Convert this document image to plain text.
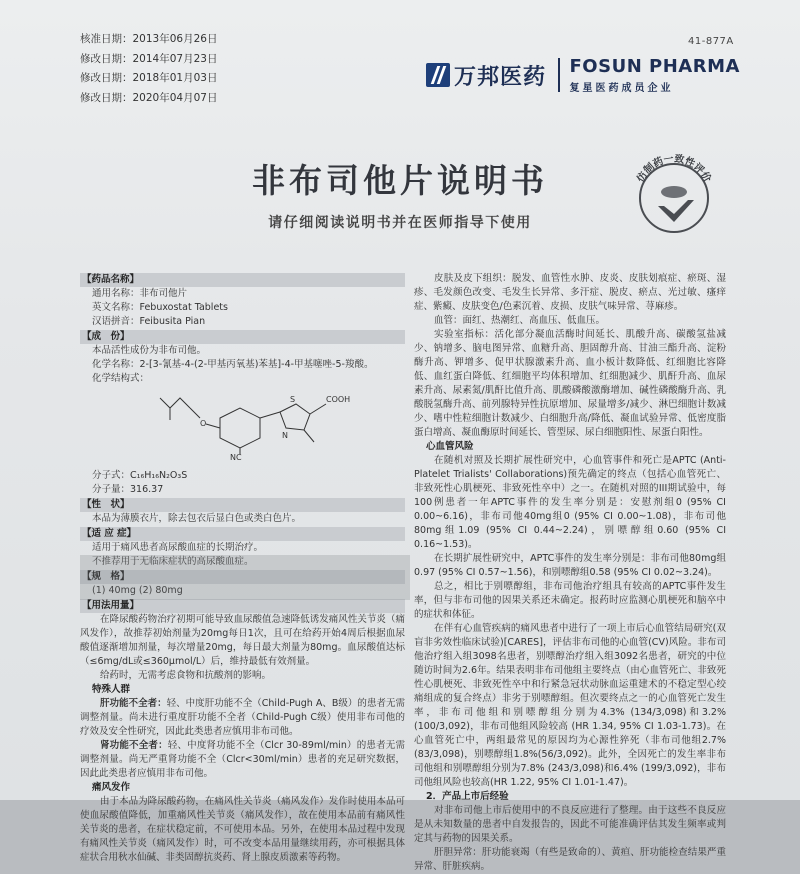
核准日期：2013年06月26日
修改日期：2014年07月23日
修改日期：2018年01月03日
修改日期：2020年04月07日
41-877A
万邦医药 FOSUN PHARMA
复星医药成员企业
非布司他片说明书
请仔细阅读说明书并在医师指导下使用
仿制药一致性评价
【药品名称】
通用名称：非布司他片
英文名称：Febuxostat Tablets
汉语拼音：Feibusita Pian
【成　份】
本品活性成份为非布司他。
化学名称：2-[3-氰基-4-(2-甲基丙氧基)苯基]-4-甲基噻唑-5-羧酸。
化学结构式：
O
NC
S
N
COOH
分子式：C₁₆H₁₆N₂O₃S
分子量：316.37
【性　状】
本品为薄膜衣片，除去包衣后显白色或类白色片。
【适 应 症】
适用于痛风患者高尿酸血症的长期治疗。
不推荐用于无临床症状的高尿酸血症。
【规　格】
(1) 40mg (2) 80mg
【用法用量】
在降尿酸药物治疗初期可能导致血尿酸值急速降低诱发痛风性关节炎（痛风发作），故推荐初始剂量为20mg每日1次，且可在给药开始4周后根据血尿酸值逐渐增加剂量，每次增量20mg，每日最大剂量为80mg。血尿酸值达标（≤6mg/dL或≤360μmol/L）后，维持最低有效剂量。
给药时，无需考虑食物和抗酸剂的影响。
特殊人群
肝功能不全者：轻、中度肝功能不全（Child-Pugh A、B级）的患者无需调整剂量。尚未进行重度肝功能不全者（Child-Pugh C级）使用非布司他的疗效及安全性研究，因此此类患者应慎用非布司他。
肾功能不全者：轻、中度肾功能不全（Clcr 30-89ml/min）的患者无需调整剂量。尚无严重肾功能不全（Clcr<30ml/min）患者的充足研究数据，因此此类患者应慎用非布司他。
痛风发作
由于本品为降尿酸药物，在痛风性关节炎（痛风发作）发作时使用本品可使血尿酸值降低，加重痛风性关节炎（痛风发作），故在使用本品前有痛风性关节炎的患者，在症状稳定前，不可使用本品。另外，在使用本品过程中发现有痛风性关节炎（痛风发作）时，可不改变本品用量继续用药，亦可根据具体症状合用秋水仙碱、非类固醇抗炎药、肾上腺皮质激素等药物。
皮肤及皮下组织：脱发、血管性水肿、皮炎、皮肤划痕症、瘀斑、湿疹、毛发颜色改变、毛发生长异常、多汗症、脱皮、瘀点、光过敏、瘙痒症、紫癜、皮肤变色/色素沉着、皮损、皮肤气味异常、荨麻疹。
血管：面红、热潮红、高血压、低血压。
实验室指标：活化部分凝血活酶时间延长、肌酸升高、碳酸氢盐减少、钠增多、脑电图异常、血糖升高、胆固醇升高、甘油三酯升高、淀粉酶升高、钾增多、促甲状腺激素升高、血小板计数降低、红细胞比容降低、血红蛋白降低、红细胞平均体积增加、红细胞减少、肌酐升高、血尿素升高、尿素氮/肌酐比值升高、肌酸磷酸激酶增加、碱性磷酸酶升高、乳酸脱氢酶升高、前列腺特异性抗原增加、尿量增多/减少、淋巴细胞计数减少、嗜中性粒细胞计数减少、白细胞升高/降低、凝血试验异常、低密度脂蛋白增高、凝血酶原时间延长、管型尿、尿白细胞阳性、尿蛋白阳性。
心血管风险
在随机对照及长期扩展性研究中，心血管事件和死亡是APTC (Anti-Platelet Trialists' Collaborations)预先确定的终点（包括心血管死亡、非致死性心肌梗死、非致死性卒中）之一。在随机对照的III期试验中，每100例患者一年APTC事件的发生率分别是：安慰剂组0 (95% CI 0.00~6.16)，非布司他40mg组0 (95% CI 0.00~1.08)，非布司他80mg组1.09 (95% CI 0.44~2.24)，别嘌醇组0.60 (95% CI 0.16~1.53)。
在长期扩展性研究中，APTC事件的发生率分别是：非布司他80mg组0.97 (95% CI 0.57~1.56)，和别嘌醇组0.58 (95% CI 0.02~3.24)。
总之，相比于别嘌醇组，非布司他治疗组具有较高的APTC事件发生率，但与非布司他的因果关系还未确定。报药时应监测心肌梗死和脑卒中的症状和体征。
在伴有心血管疾病的痛风患者中进行了一项上市后心血管结局研究(双盲非劣效性临床试验)[CARES]，评估非布司他的心血管(CV)风险。非布司他治疗组入组3098名患者，别嘌醇治疗组入组3092名患者，研究的中位随访时间为2.6年。结果表明非布司他组主要终点（由心血管死亡、非致死性心肌梗死、非致死性卒中和行紧急冠状动脉血运重建术的不稳定型心绞痛组成的复合终点）非劣于别嘌醇组。但次要终点之一的心血管死亡发生率，非布司他组和别嘌醇组分别为4.3% (134/3,098)和3.2%(100/3,092)，非布司他组风险较高 (HR 1.34, 95% CI 1.03-1.73)。在心血管死亡中，两组最常见的原因均为心源性猝死（非布司他组2.7%(83/3,098)，别嘌醇组1.8%(56/3,092)。此外，全因死亡的发生率非布司他组和别嘌醇组分别为7.8% (243/3,098)和6.4% (199/3,092)，非布司他组风险也较高(HR 1.22, 95% CI 1.01-1.47)。
2．产品上市后经验
对非布司他上市后使用中的不良反应进行了整理。由于这些不良反应是从未知数量的患者中自发报告的，因此不可能准确评估其发生频率或判定其与药物的因果关系。
肝胆异常：肝功能衰竭（有些是致命的）、黄疸、肝功能检查结果严重异常、肝脏疾病。
